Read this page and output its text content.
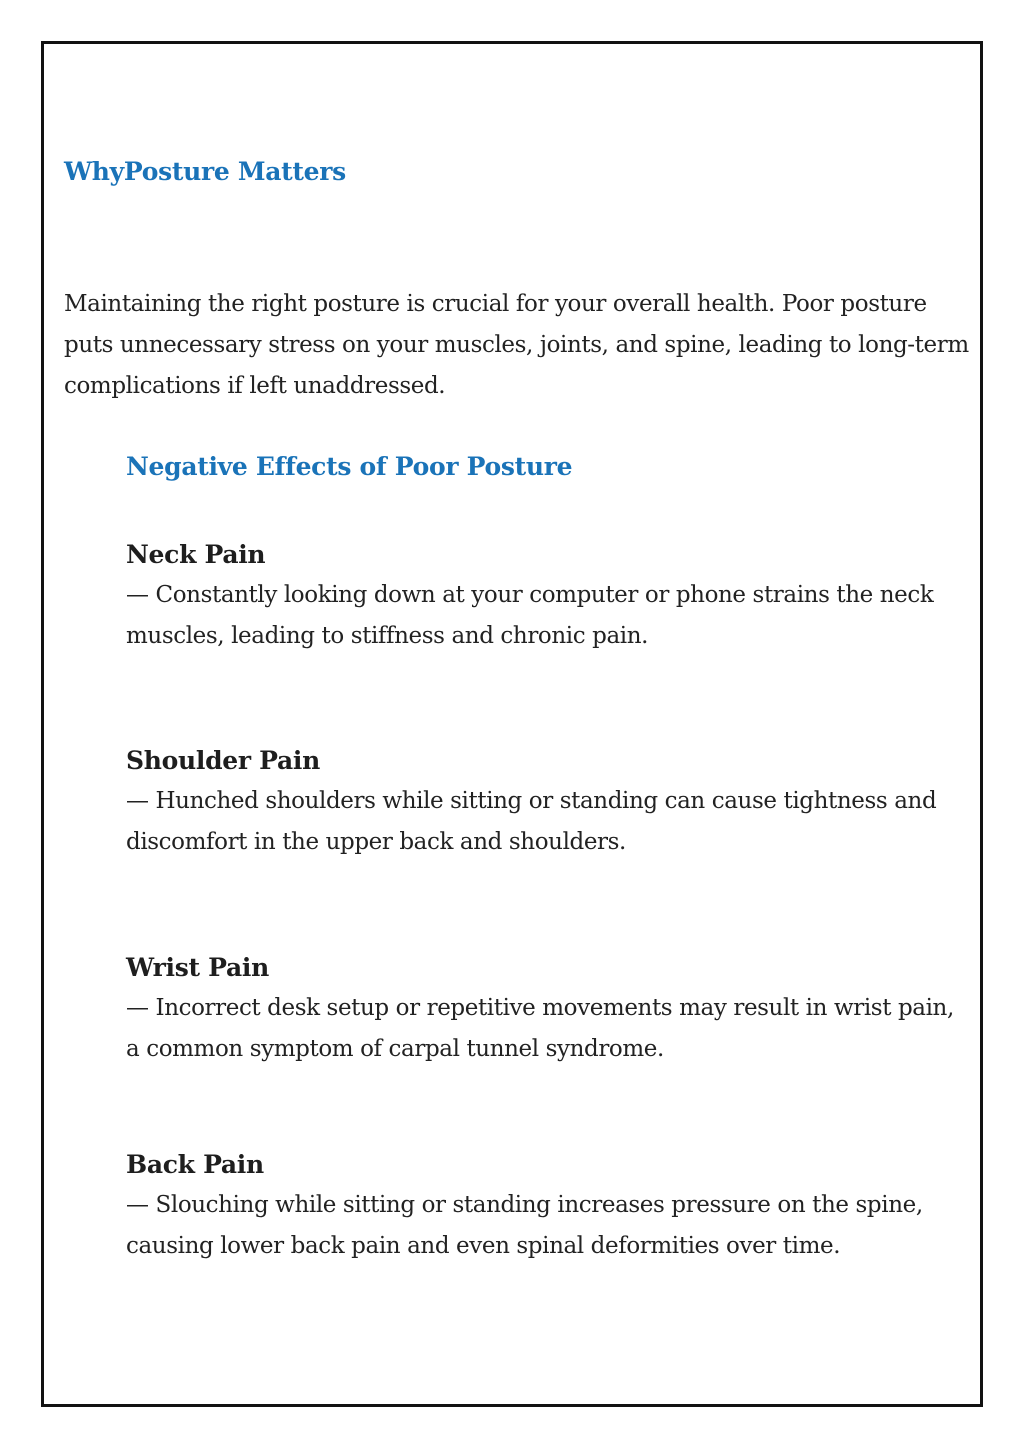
WhyPosture Matters

Maintaining the right posture is crucial for your overall health. Poor posture puts unnecessary stress on your muscles, joints, and spine, leading to long-term complications if left unaddressed.

Negative Effects of Poor Posture
Neck Pain

— Constantly looking down at your computer or phone strains the neck muscles, leading to stiffness and chronic pain.

Shoulder Pain

— Hunched shoulders while sitting or standing can cause tightness and discomfort in the upper back and shoulders.

Wrist Pain

— Incorrect desk setup or repetitive movements may result in wrist pain, a common symptom of carpal tunnel syndrome.

Back Pain

— Slouching while sitting or standing increases pressure on the spine, causing lower back pain and even spinal deformities over time.
